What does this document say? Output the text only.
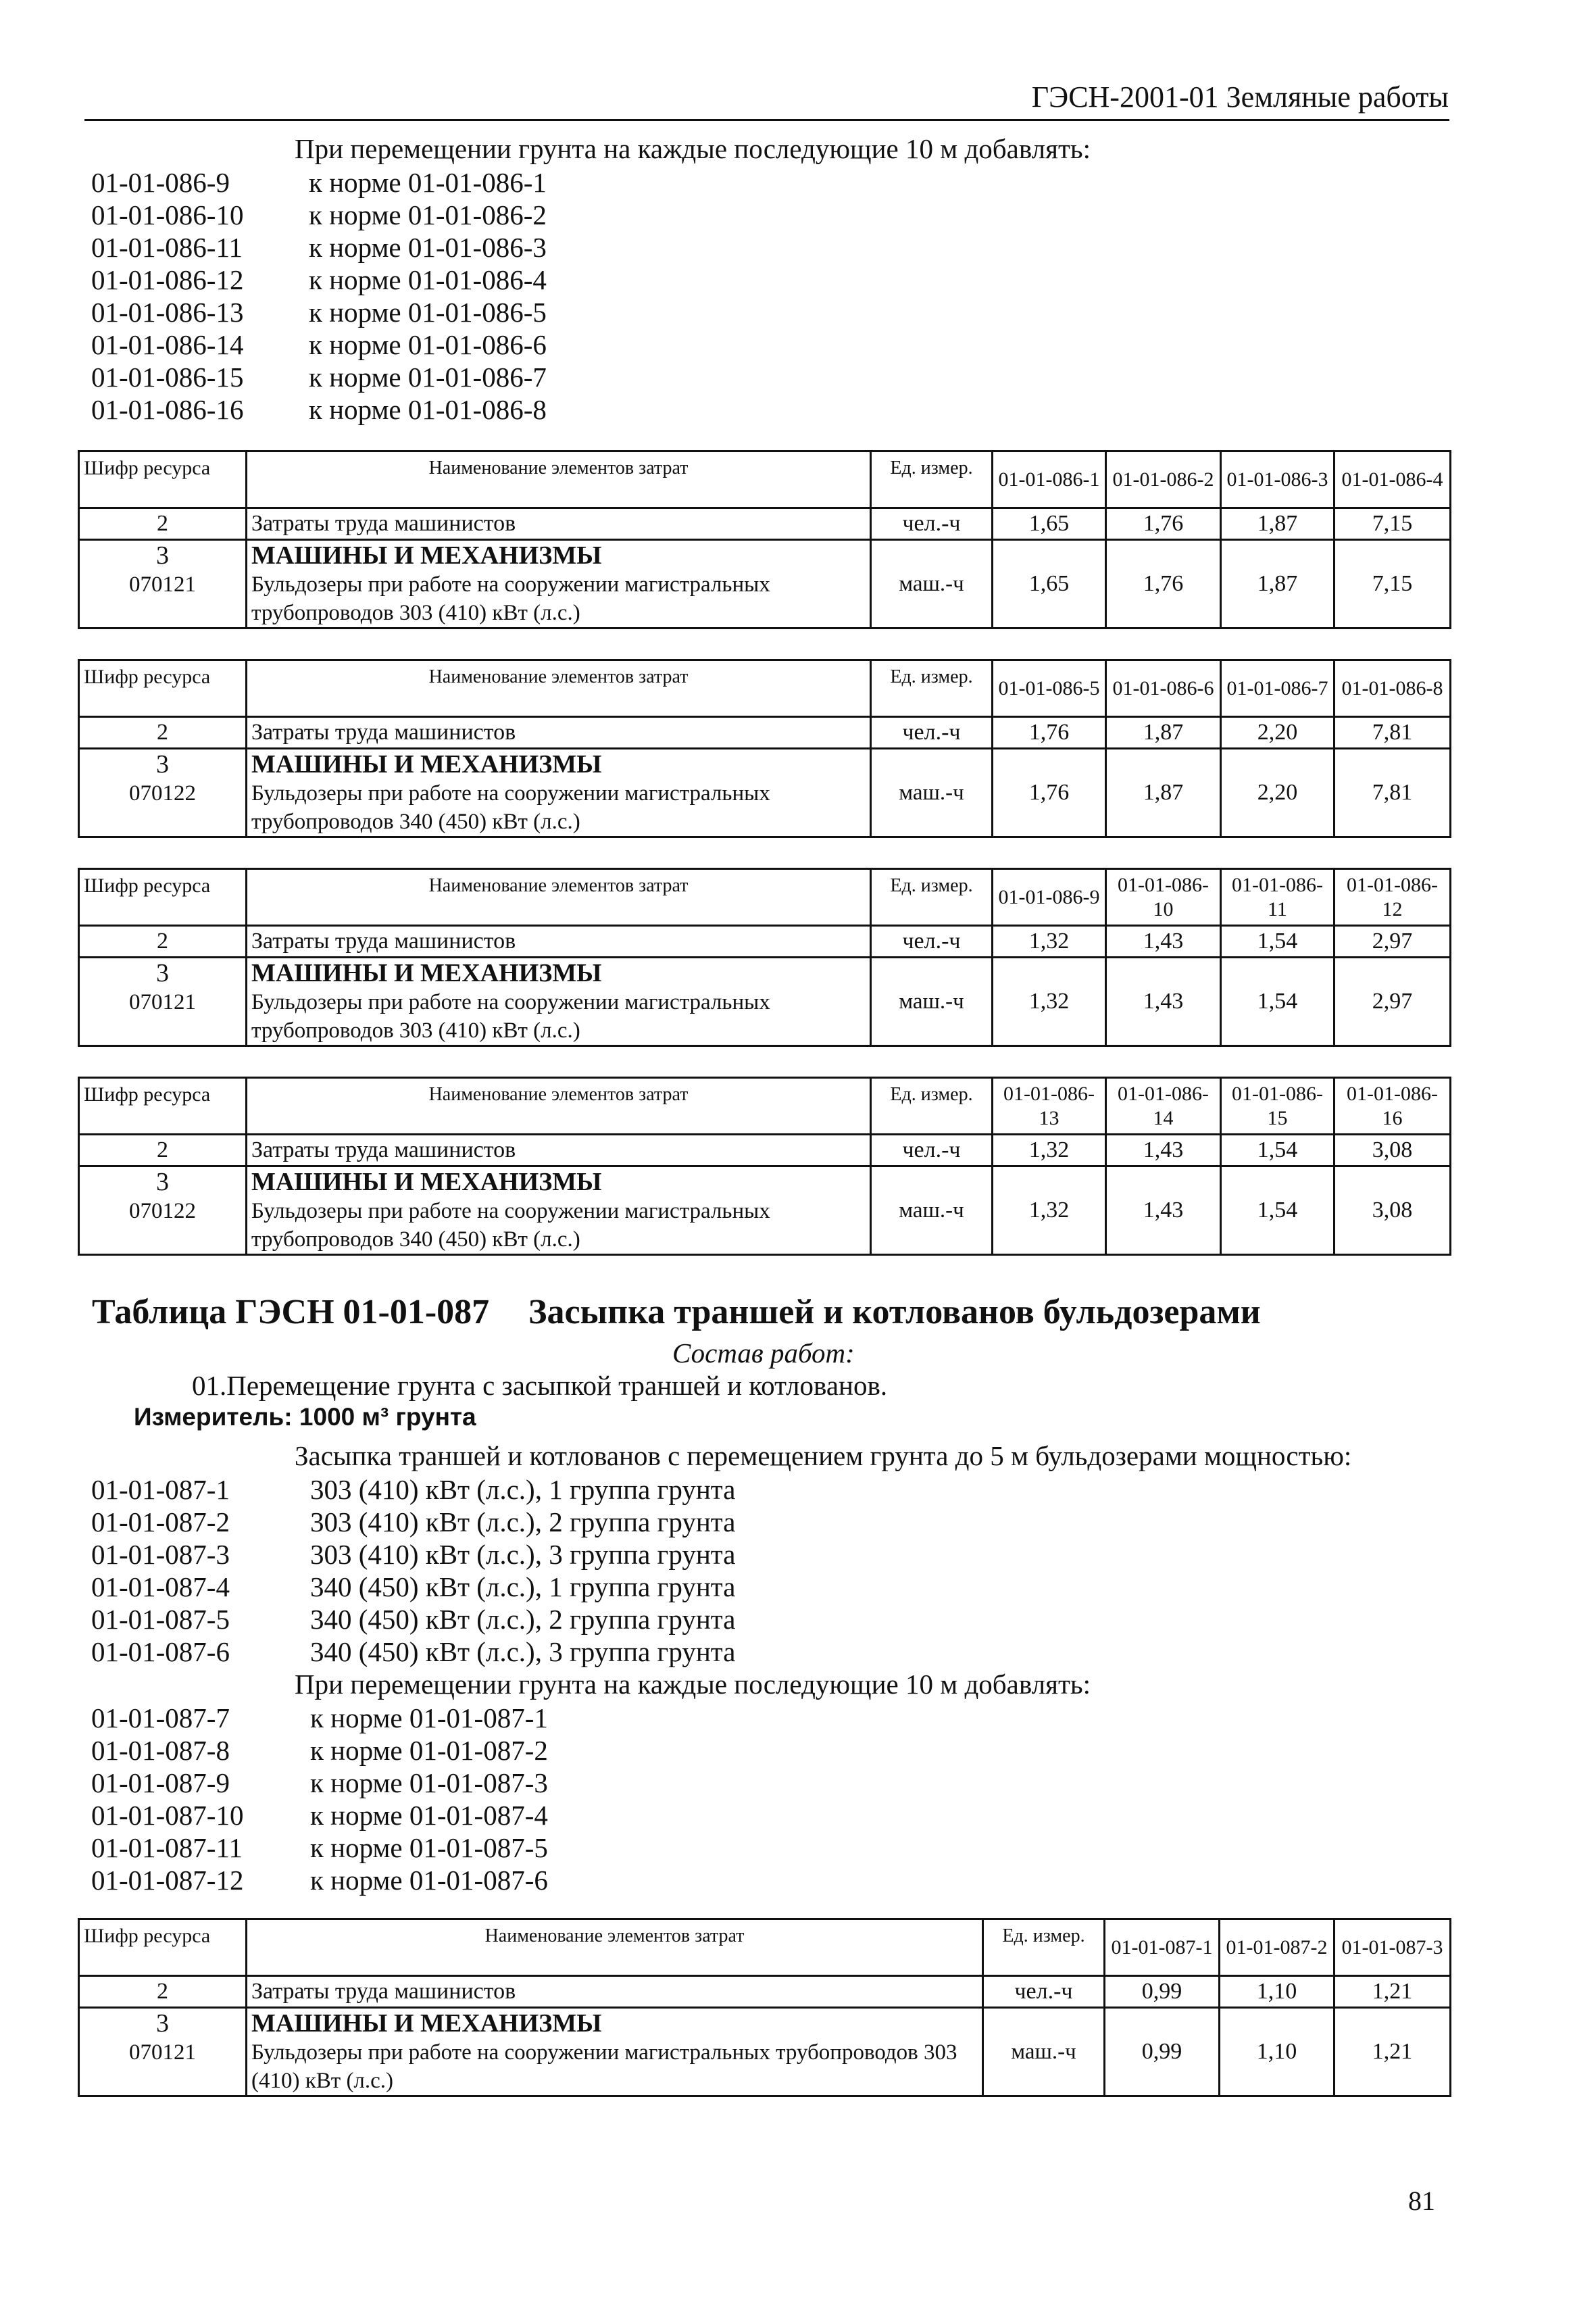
ГЭСН-2001-01 Земляные работы
При перемещении грунта на каждые последующие 10 м добавлять:
01-01-086-9	к норме 01-01-086-1
01-01-086-10 к норме 01-01-086-2
01-01-086-11 к норме 01-01-086-3
01-01-086-12 к норме 01-01-086-4
01-01-086-13 к норме 01-01-086-5
01-01-086-14 к норме 01-01-086-6
01-01-086-15 к норме 01-01-086-7
01-01-086-16 к норме 01-01-086-8
Шифр ресурса	Наименование элементов затрат	Ед. измер.	01-01-086-1	01-01-086-2	01-01-086-3	01-01-086-4
2	Затраты труда машинистов	чел.-ч	1,65	1,76	1,87	7,15
3	МАШИНЫ И МЕХАНИЗМЫ	маш.-ч	1,65	1,76	1,87	7,15
070121	Бульдозеры при работе на сооружении магистральных трубопроводов 303 (410) кВт (л.с.)					
Шифр ресурса	Наименование элементов затрат	Ед. измер.	01-01-086-5	01-01-086-6	01-01-086-7	01-01-086-8
2	Затраты труда машинистов	чел.-ч	1,76	1,87	2,20	7,81
3	МАШИНЫ И МЕХАНИЗМЫ	маш.-ч	1,76	1,87	2,20	7,81
070122	Бульдозеры при работе на сооружении магистральных трубопроводов 340 (450) кВт (л.с.)					
Шифр ресурса	Наименование элементов затрат	Ед. измер.	01-01-086-9	01-01-086-10	01-01-086-11	01-01-086-12
2	Затраты труда машинистов	чел.-ч	1,32	1,43	1,54	2,97
3	МАШИНЫ И МЕХАНИЗМЫ	маш.-ч	1,32	1,43	1,54	2,97
070121	Бульдозеры при работе на сооружении магистральных трубопроводов 303 (410) кВт (л.с.)					
Шифр ресурса	Наименование элементов затрат	Ед. измер.	01-01-086-13	01-01-086-14	01-01-086-15	01-01-086-16
2	Затраты труда машинистов	чел.-ч	1,32	1,43	1,54	3,08
3	МАШИНЫ И МЕХАНИЗМЫ	маш.-ч	1,32	1,43	1,54	3,08
070122	Бульдозеры при работе на сооружении магистральных трубопроводов 340 (450) кВт (л.с.)					
Таблица ГЭСН 01-01-087 Засыпка траншей и котлованов бульдозерами
Состав работ:
01.Перемещение грунта с засыпкой траншей и котлованов.
Измеритель: 1000 м³ грунта
Засыпка траншей и котлованов с перемещением грунта до 5 м бульдозерами мощностью:
01-01-087-1	303 (410) кВт (л.с.), 1 группа грунта
01-01-087-2	303 (410) кВт (л.с.), 2 группа грунта
01-01-087-3	303 (410) кВт (л.с.), 3 группа грунта
01-01-087-4	340 (450) кВт (л.с.), 1 группа грунта
01-01-087-5	340 (450) кВт (л.с.), 2 группа грунта
01-01-087-6	340 (450) кВт (л.с.), 3 группа грунта
При перемещении грунта на каждые последующие 10 м добавлять:
01-01-087-7	к норме 01-01-087-1
01-01-087-8	к норме 01-01-087-2
01-01-087-9	к норме 01-01-087-3
01-01-087-10 к норме 01-01-087-4
01-01-087-11 к норме 01-01-087-5
01-01-087-12 к норме 01-01-087-6
Шифр ресурса	Наименование элементов затрат	Ед. измер.	01-01-087-1	01-01-087-2	01-01-087-3
2	Затраты труда машинистов	чел.-ч	0,99	1,10	1,21
3	МАШИНЫ И МЕХАНИЗМЫ	маш.-ч	0,99	1,10	1,21
070121	Бульдозеры при работе на сооружении магистральных трубопроводов 303 (410) кВт (л.с.)				
81
